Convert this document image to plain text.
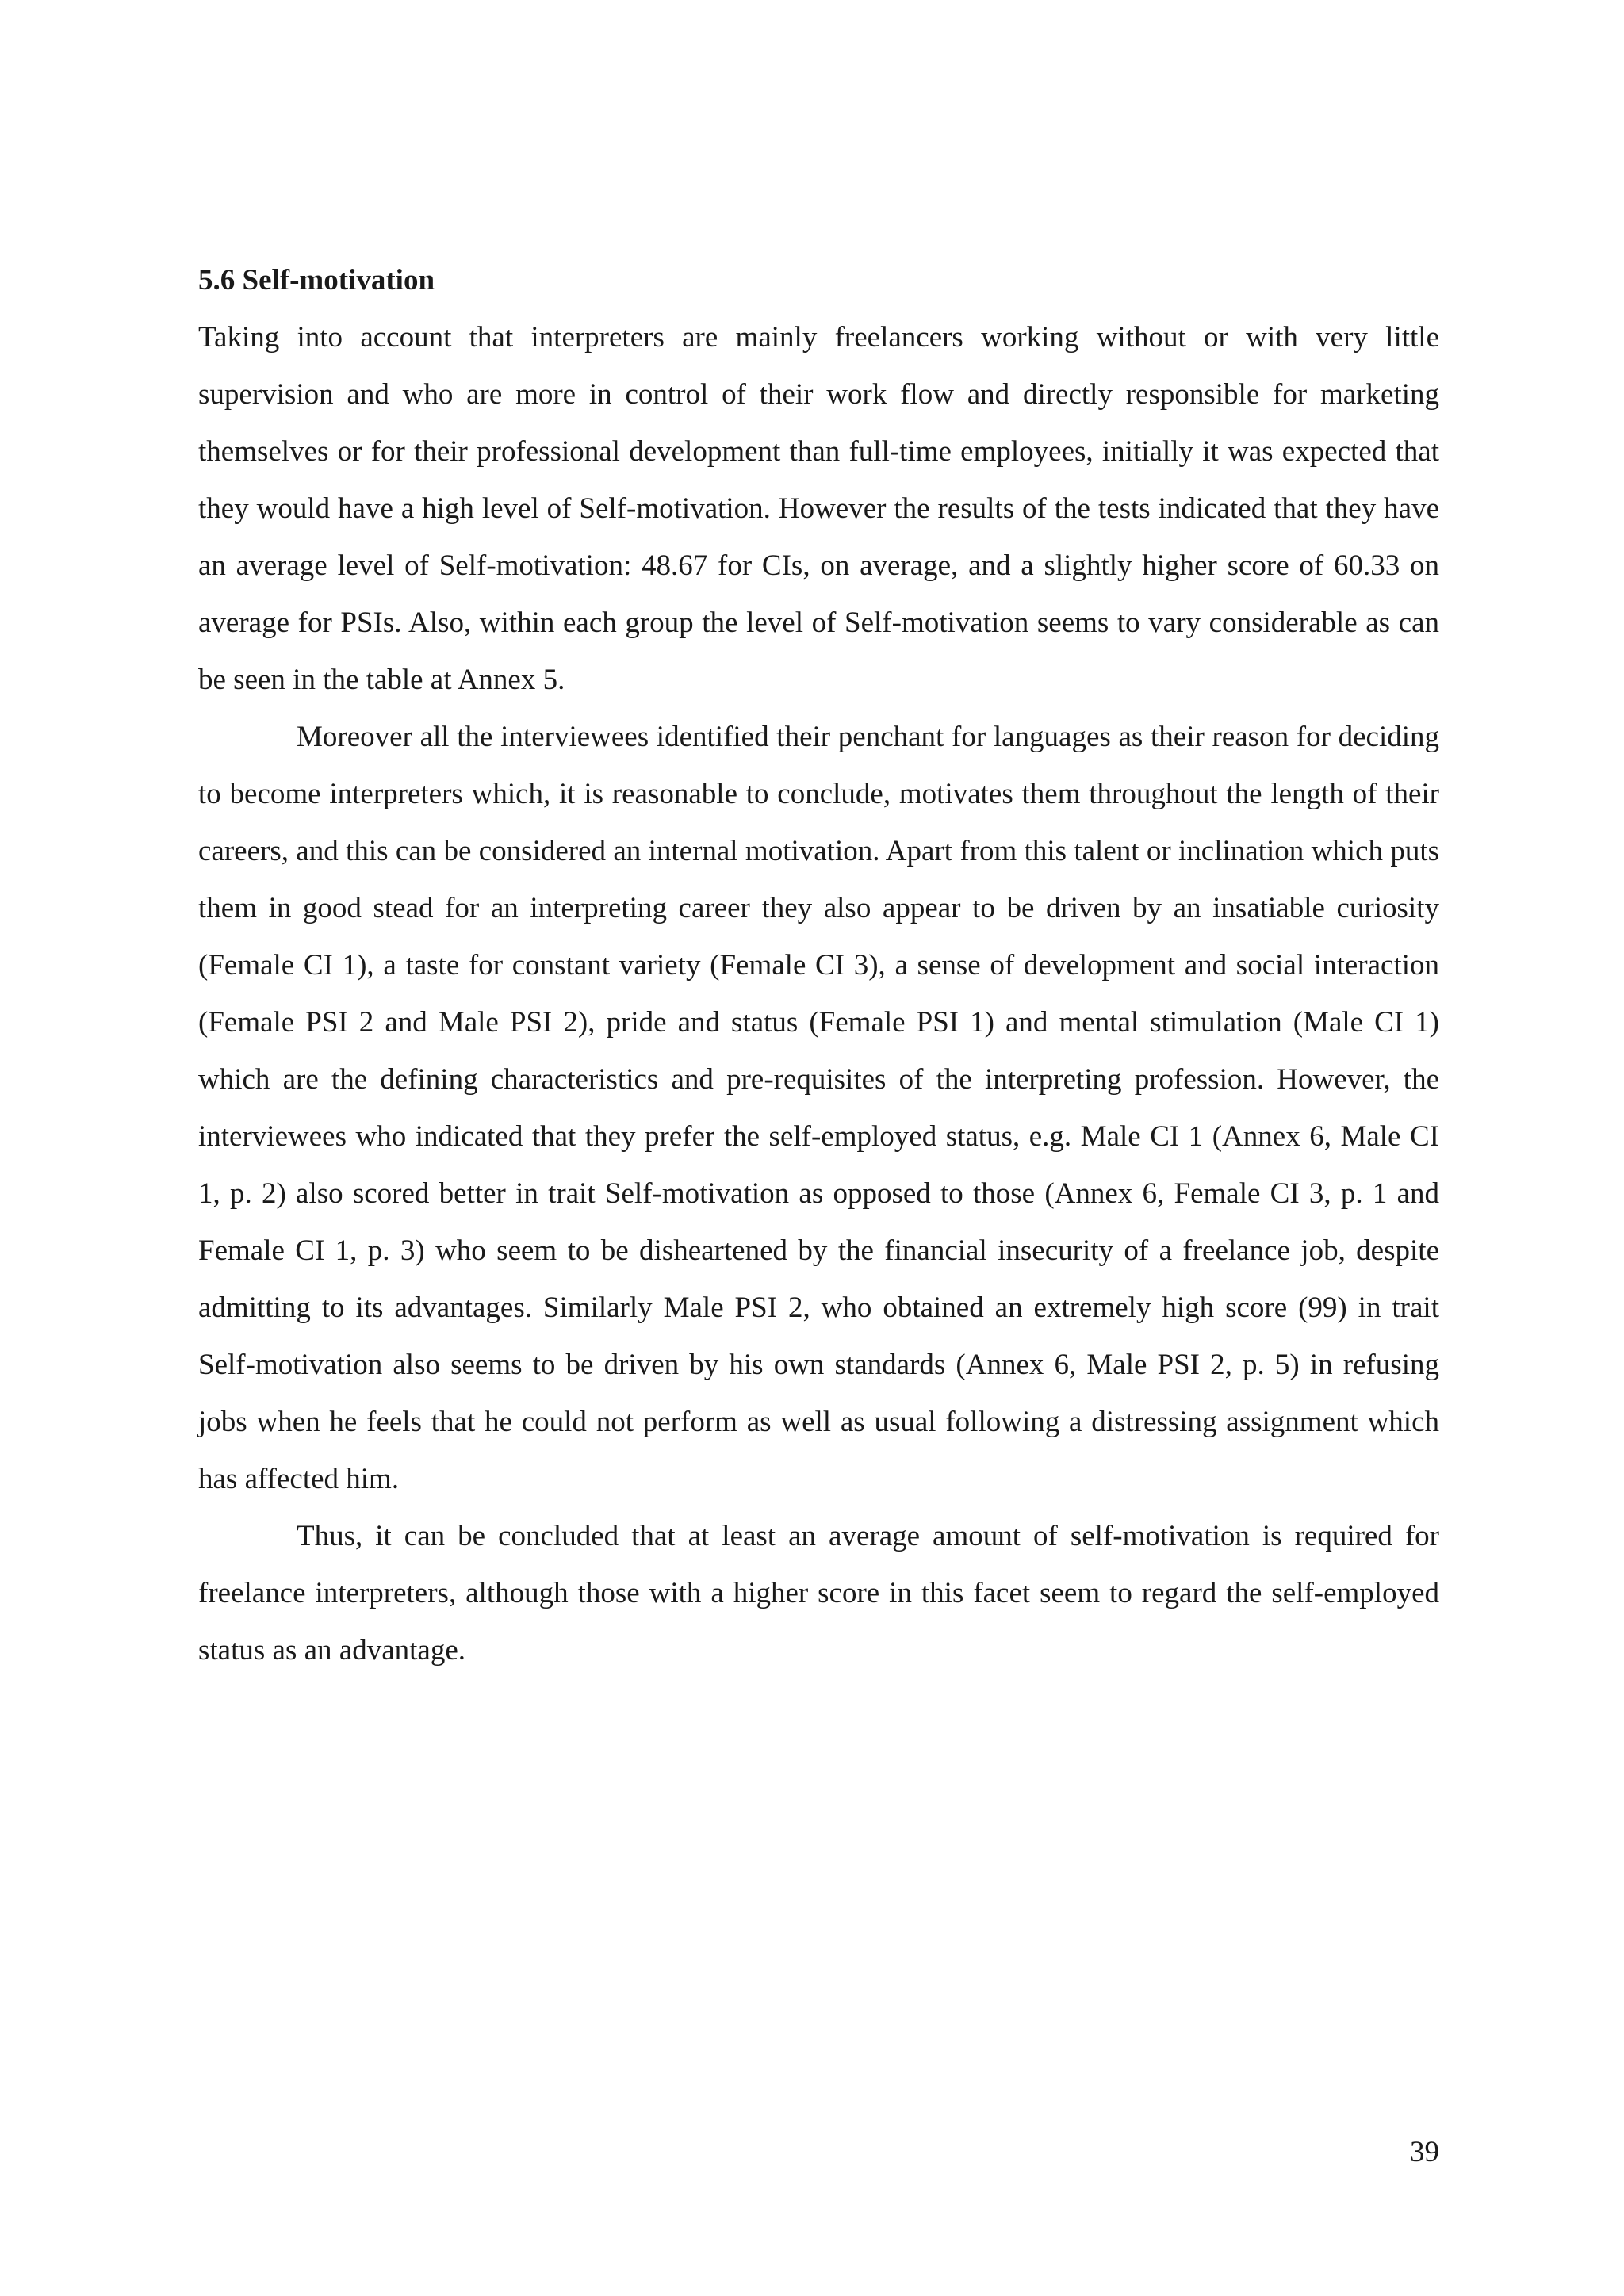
5.6 Self-motivation

Taking into account that interpreters are mainly freelancers working without or with very little supervision and who are more in control of their work flow and directly responsible for marketing themselves or for their professional development than full-time employees, initially it was expected that they would have a high level of Self-motivation. However the results of the tests indicated that they have an average level of Self-motivation: 48.67 for CIs, on average, and a slightly higher score of 60.33 on average for PSIs. Also, within each group the level of Self-motivation seems to vary considerable as can be seen in the table at Annex 5.

Moreover all the interviewees identified their penchant for languages as their reason for deciding to become interpreters which, it is reasonable to conclude, motivates them throughout the length of their careers, and this can be considered an internal motivation. Apart from this talent or inclination which puts them in good stead for an interpreting career they also appear to be driven by an insatiable curiosity (Female CI 1), a taste for constant variety (Female CI 3), a sense of development and social interaction (Female PSI 2 and Male PSI 2), pride and status (Female PSI 1) and mental stimulation (Male CI 1) which are the defining characteristics and pre-requisites of the interpreting profession. However, the interviewees who indicated that they prefer the self-employed status, e.g. Male CI 1 (Annex 6, Male CI 1, p. 2) also scored better in trait Self-motivation as opposed to those (Annex 6, Female CI 3, p. 1 and Female CI 1, p. 3) who seem to be disheartened by the financial insecurity of a freelance job, despite admitting to its advantages. Similarly Male PSI 2, who obtained an extremely high score (99) in trait Self-motivation also seems to be driven by his own standards (Annex 6, Male PSI 2, p. 5) in refusing jobs when he feels that he could not perform as well as usual following a distressing assignment which has affected him.

Thus, it can be concluded that at least an average amount of self-motivation is required for freelance interpreters, although those with a higher score in this facet seem to regard the self-employed status as an advantage.

39
